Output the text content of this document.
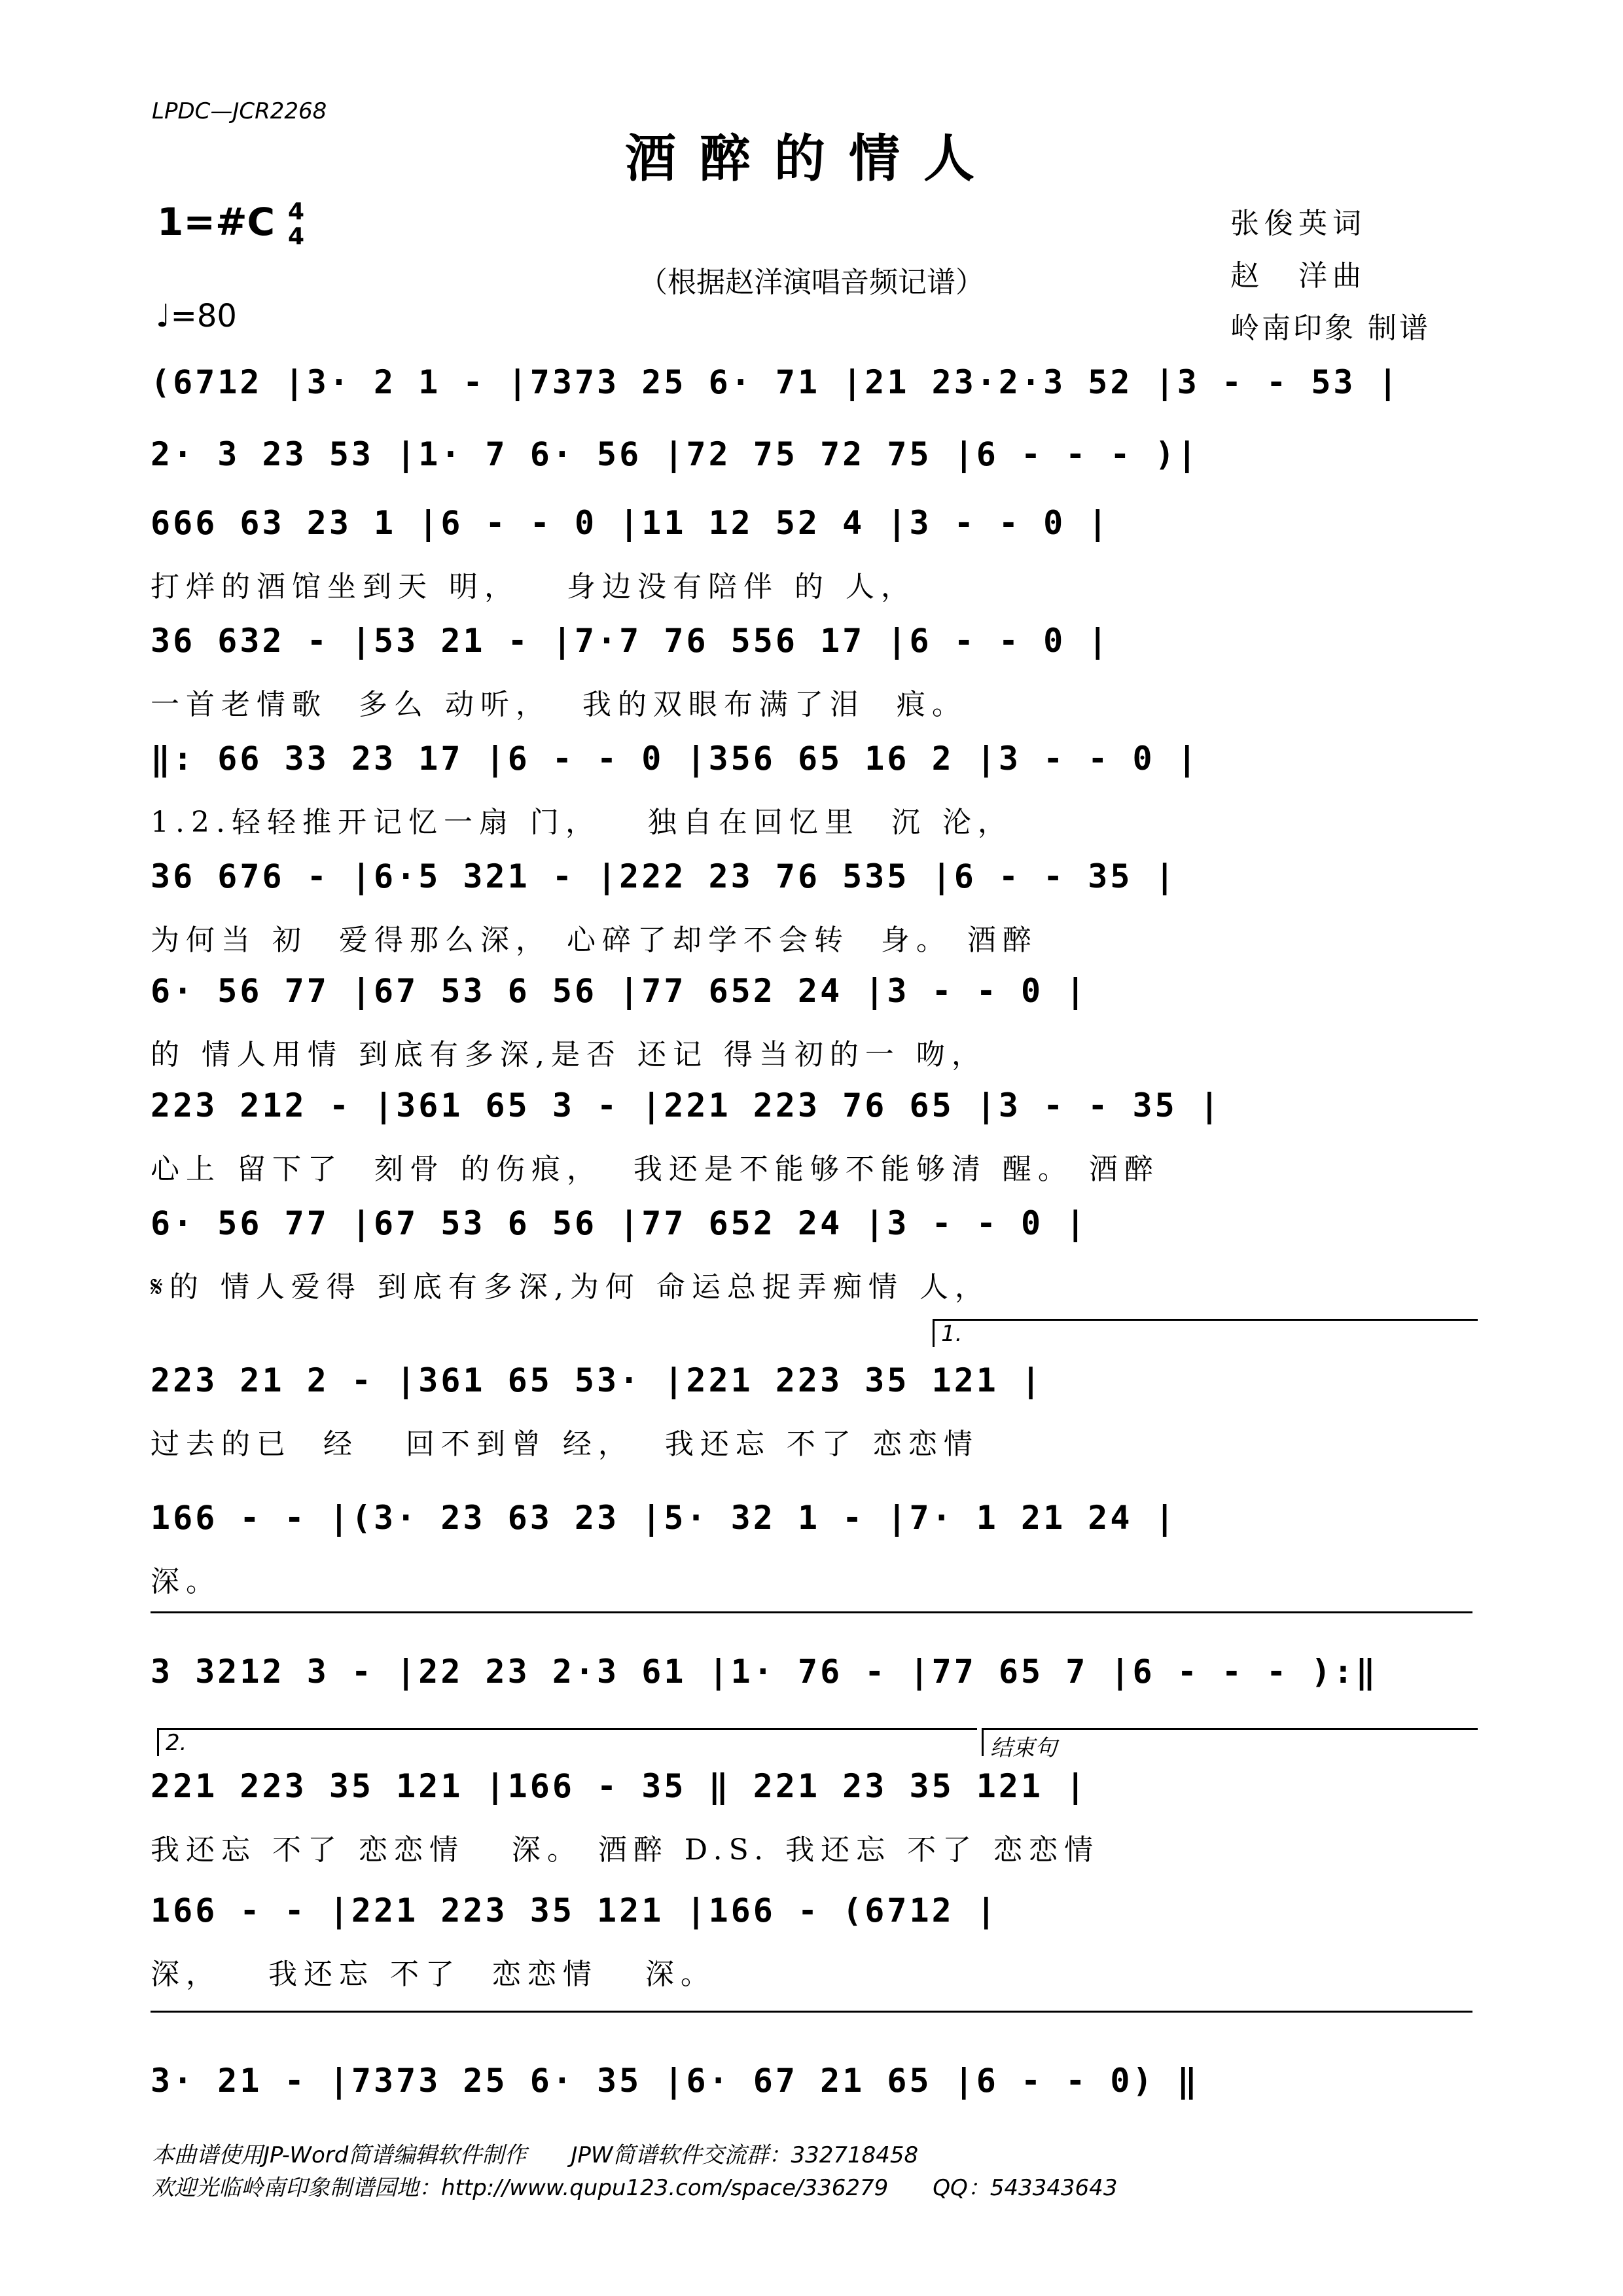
LPDC—JCR2268
酒醉的情人
1=#C 4
4
♩=80
（根据赵洋演唱音频记谱）
张俊英词
赵　洋曲
岭南印象 制谱
(6712 |3· 2 1 - |7373 25 6· 71 |21 23·2·3 52 |3 - - 53 |
2· 3 23 53 |1· 7 6· 56 |72 75 72 75 |6 - - - )|
666 63 23 1 |6 - - 0 |11 12 52 4 |3 - - 0 |
打烊的酒馆坐到天 明，   身边没有陪伴 的 人，
36 632 - |53 21 - |7·7 76 556 17 |6 - - 0 |
一首老情歌  多么 动听，  我的双眼布满了泪  痕。
‖: 66 33 23 17 |6 - - 0 |356 65 16 2 |3 - - 0 |
1.2.轻轻推开记忆一扇 门，   独自在回忆里  沉 沦，
36 676 - |6·5 321 - |222 23 76 535 |6 - - 35 |
为何当 初  爱得那么深， 心碎了却学不会转  身。 酒醉
6· 56 77 |67 53 6 56 |77 652 24 |3 - - 0 |
的 情人用情 到底有多深,是否 还记 得当初的一 吻，
223 212 - |361 65 3 - |221 223 76 65 |3 - - 35 |
心上 留下了  刻骨 的伤痕，  我还是不能够不能够清 醒。 酒醉
6· 56 77 |67 53 6 56 |77 652 24 |3 - - 0 |
𝄋的 情人爱得 到底有多深,为何 命运总捉弄痴情 人，
223 21 2 - |361 65 53· |221 223 35 121 |
过去的已  经   回不到曾 经，  我还忘 不了 恋恋情
166 - - |(3· 23 63 23 |5· 32 1 - |7· 1 21 24 |
深。
3 3212 3 - |22 23 2·3 61 |1· 76 - |77 65 7 |6 - - - ):‖
221 223 35 121 |166 - 35 ‖ 221 23 35 121 |
我还忘 不了 恋恋情   深。 酒醉 D.S. 我还忘 不了 恋恋情
166 - - |221 223 35 121 |166 - (6712 |
深，   我还忘 不了  恋恋情   深。
3· 21 - |7373 25 6· 35 |6· 67 21 65 |6 - - 0) ‖
1.
2.	结束句
本曲谱使用JP-Word简谱编辑软件制作　　JPW简谱软件交流群：332718458
欢迎光临岭南印象制谱园地：http://www.qupu123.com/space/336279　　QQ：543343643
